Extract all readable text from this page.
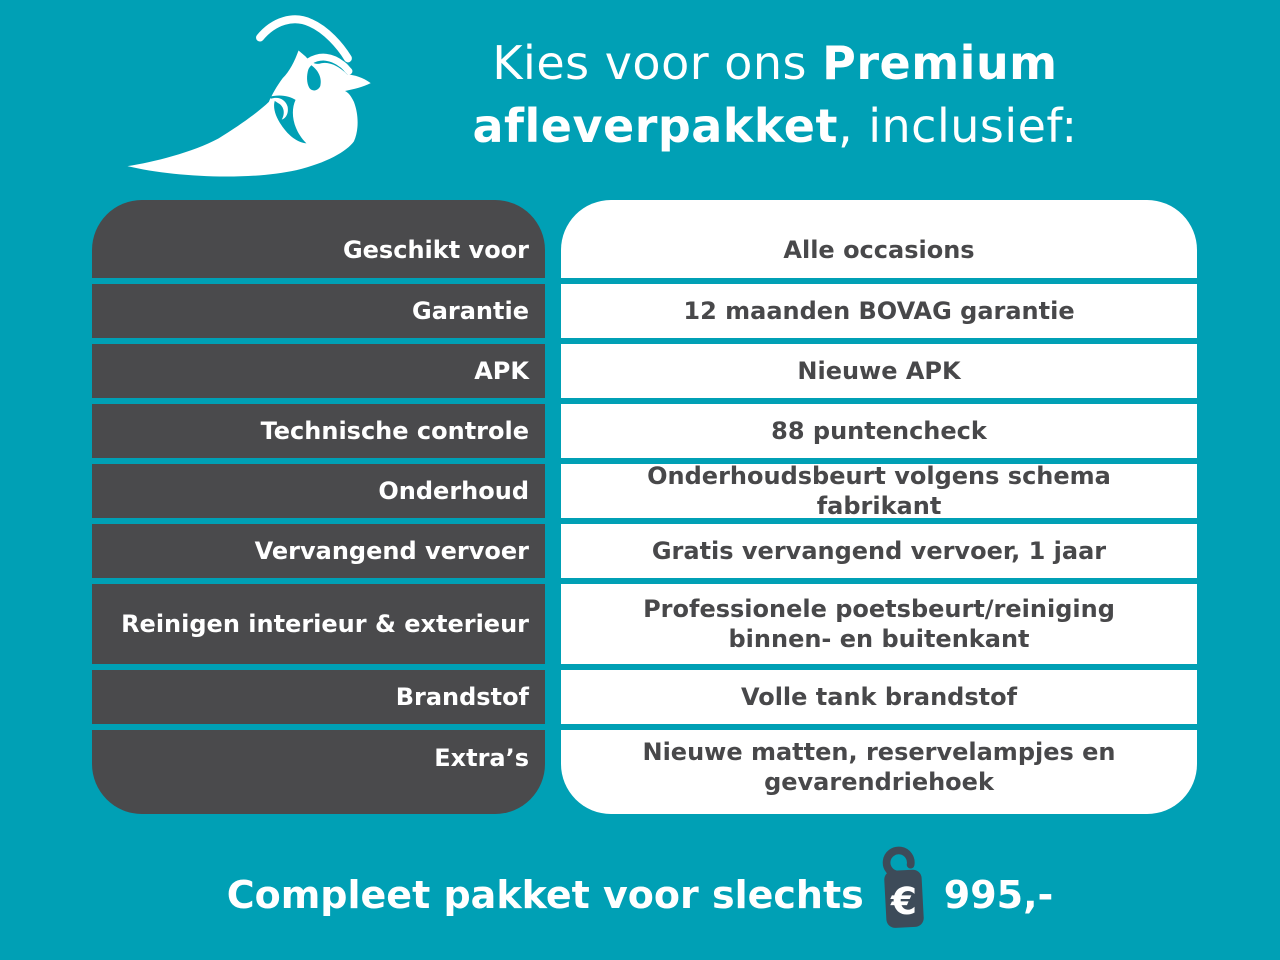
Kies voor ons Premium
afleverpakket, inclusief:
Geschikt voor
Garantie
APK
Technische controle
Onderhoud
Vervangend vervoer
Reinigen interieur & exterieur
Brandstof
Extra’s
Alle occasions
12 maanden BOVAG garantie
Nieuwe APK
88 puntencheck
Onderhoudsbeurt volgens schema fabrikant
Gratis vervangend vervoer, 1 jaar
Professionele poetsbeurt/reiniging binnen- en buitenkant
Volle tank brandstof
Nieuwe matten, reservelampjes en gevarendriehoek
Compleet pakket voor slechts € 995,-
